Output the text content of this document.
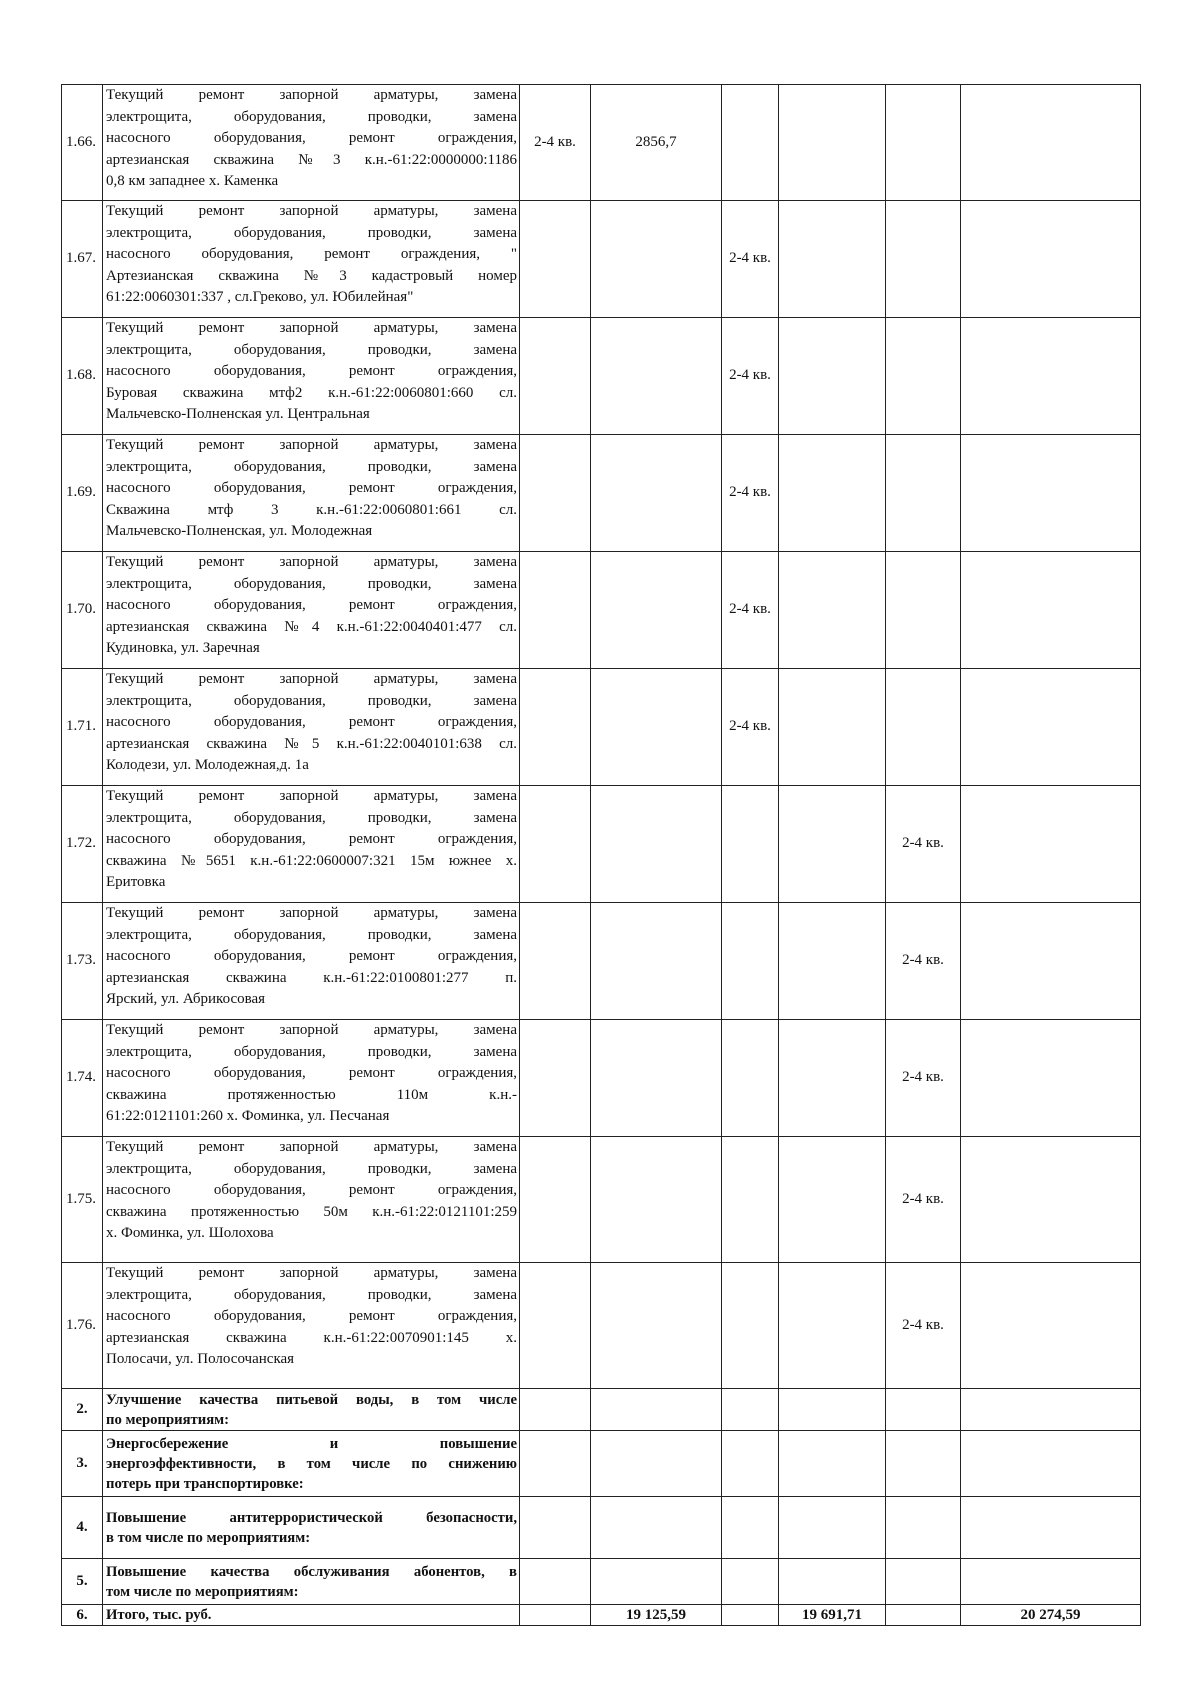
1.66.	Текущий ремонт запорной арматуры, замена
электрощита, оборудования, проводки, замена
насосного оборудования, ремонт ограждения,
артезианская скважина №3 к.н.-61:22:0000000:1186
0,8 км западнее х. Каменка	2-4 кв.	2856,7				
1.67.	Текущий ремонт запорной арматуры, замена
электрощита, оборудования, проводки, замена
насосного оборудования, ремонт ограждения, "
Артезианская скважина №3 кадастровый номер
61:22:0060301:337 , сл.Греково, ул. Юбилейная"			2-4 кв.			
1.68.	Текущий ремонт запорной арматуры, замена
электрощита, оборудования, проводки, замена
насосного оборудования, ремонт ограждения,
Буровая скважина мтф2 к.н.-61:22:0060801:660 сл.
Мальчевско-Полненская ул. Центральная			2-4 кв.			
1.69.	Текущий ремонт запорной арматуры, замена
электрощита, оборудования, проводки, замена
насосного оборудования, ремонт ограждения,
Скважина мтф 3 к.н.-61:22:0060801:661 сл.
Мальчевско-Полненская, ул. Молодежная			2-4 кв.			
1.70.	Текущий ремонт запорной арматуры, замена
электрощита, оборудования, проводки, замена
насосного оборудования, ремонт ограждения,
артезианская скважина №4 к.н.-61:22:0040401:477 сл.
Кудиновка, ул. Заречная			2-4 кв.			
1.71.	Текущий ремонт запорной арматуры, замена
электрощита, оборудования, проводки, замена
насосного оборудования, ремонт ограждения,
артезианская скважина №5 к.н.-61:22:0040101:638 сл.
Колодези, ул. Молодежная,д. 1а			2-4 кв.			
1.72.	Текущий ремонт запорной арматуры, замена
электрощита, оборудования, проводки, замена
насосного оборудования, ремонт ограждения,
скважина №5651 к.н.-61:22:0600007:321 15м южнее х.
Еритовка					2-4 кв.	
1.73.	Текущий ремонт запорной арматуры, замена
электрощита, оборудования, проводки, замена
насосного оборудования, ремонт ограждения,
артезианская скважина к.н.-61:22:0100801:277 п.
Ярский, ул. Абрикосовая					2-4 кв.	
1.74.	Текущий ремонт запорной арматуры, замена
электрощита, оборудования, проводки, замена
насосного оборудования, ремонт ограждения,
скважина протяженностью 110м к.н.-
61:22:0121101:260 х. Фоминка, ул. Песчаная					2-4 кв.	
1.75.	Текущий ремонт запорной арматуры, замена
электрощита, оборудования, проводки, замена
насосного оборудования, ремонт ограждения,
скважина протяженностью 50м к.н.-61:22:0121101:259
х. Фоминка, ул. Шолохова					2-4 кв.	
1.76.	Текущий ремонт запорной арматуры, замена
электрощита, оборудования, проводки, замена
насосного оборудования, ремонт ограждения,
артезианская скважина к.н.-61:22:0070901:145 х.
Полосачи, ул. Полосочанская					2-4 кв.	
2.	Улучшение качества питьевой воды, в том числе
по мероприятиям:						

3.	Энергосбережение и повышение
энергоэффективности, в том числе по снижению
потерь при транспортировке:						

4.	Повышение антитеррористической безопасности,
в том числе по мероприятиям:						

5.	Повышение качества обслуживания абонентов, в
том числе по мероприятиям:						

6.	Итого, тыс. руб.		19 125,59		19 691,71		20 274,59
